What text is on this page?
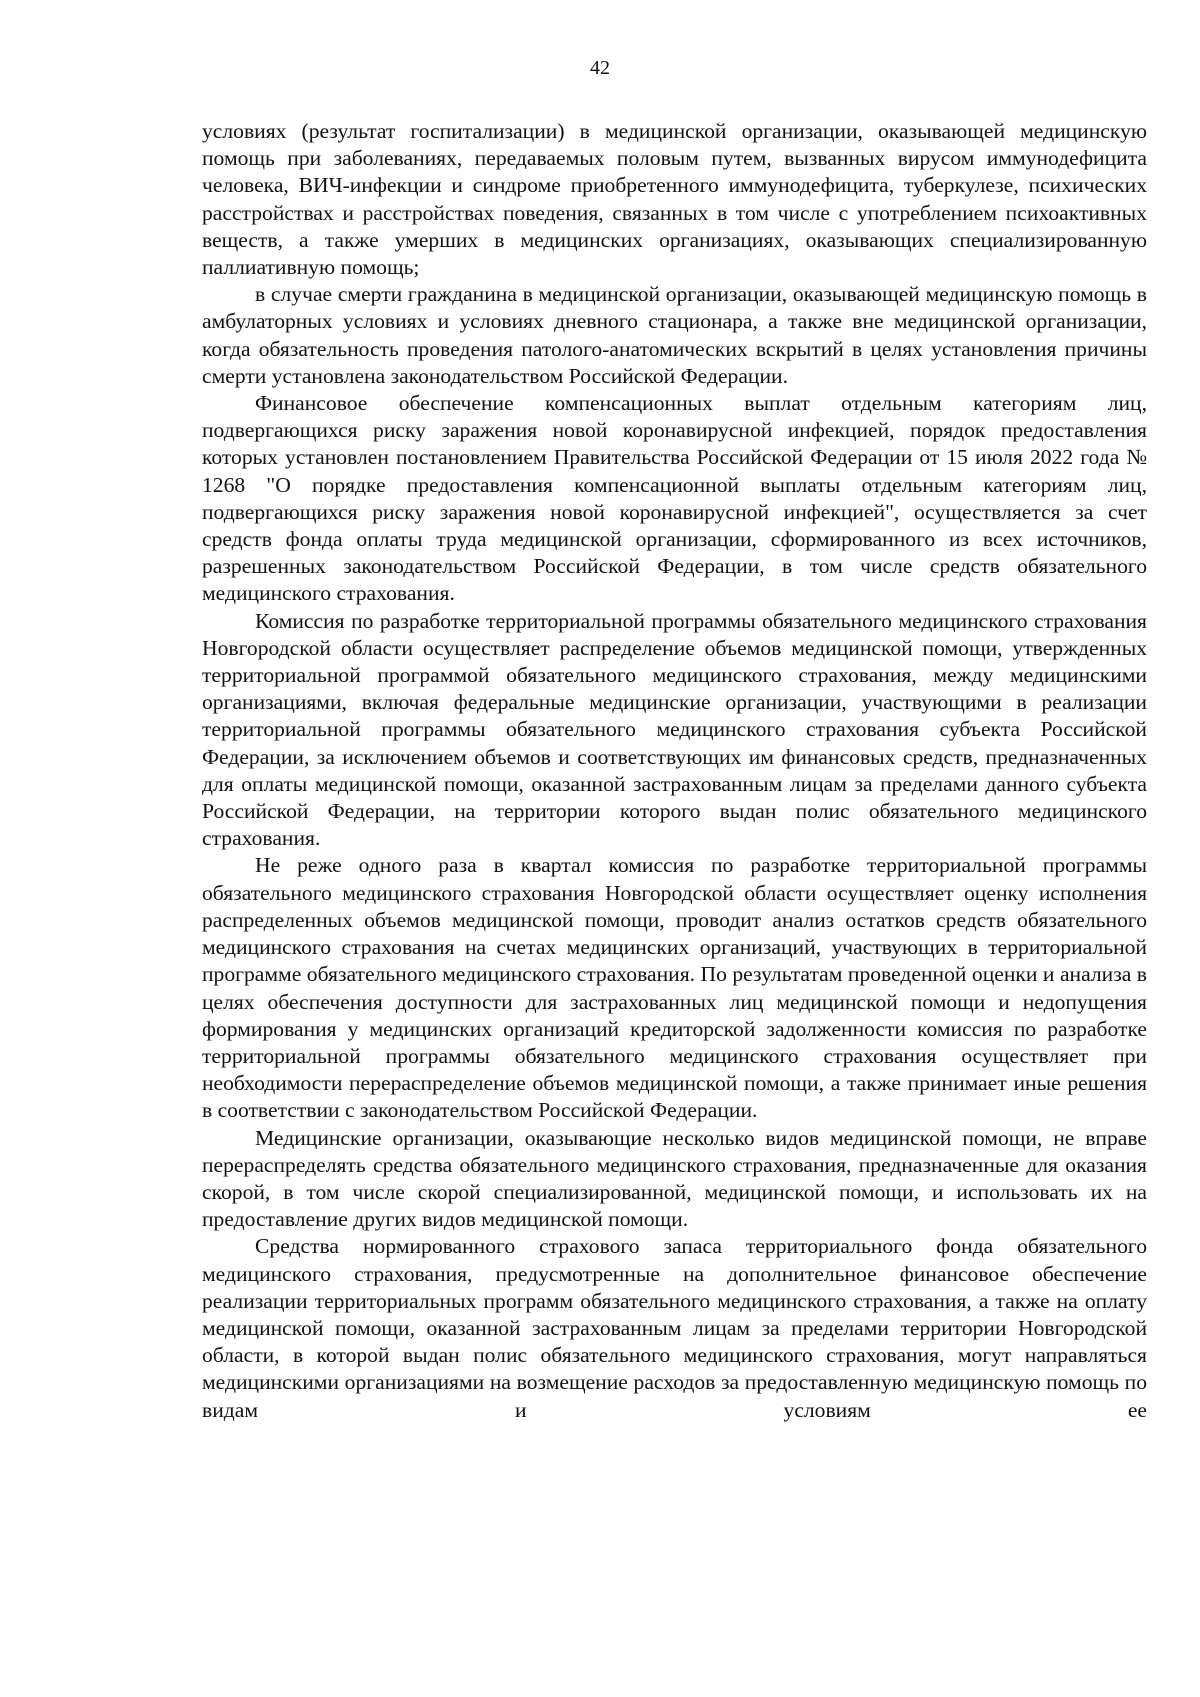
42

условиях (результат госпитализации) в медицинской организации, оказывающей медицинскую помощь при заболеваниях, передаваемых половым путем, вызванных вирусом иммунодефицита человека, ВИЧ-инфекции и синдроме приобретенного иммунодефицита, туберкулезе, психических расстройствах и расстройствах поведения, связанных в том числе с употреблением психоактивных веществ, а также умерших в медицинских организациях, оказывающих специализированную паллиативную помощь;

в случае смерти гражданина в медицинской организации, оказывающей медицинскую помощь в амбулаторных условиях и условиях дневного стационара, а также вне медицинской организации, когда обязательность проведения патолого-анатомических вскрытий в целях установления причины смерти установлена законодательством Российской Федерации.

Финансовое обеспечение компенсационных выплат отдельным категориям лиц, подвергающихся риску заражения новой коронавирусной инфекцией, порядок предоставления которых установлен постановлением Правительства Российской Федерации от 15 июля 2022 года № 1268 "О порядке предоставления компенсационной выплаты отдельным категориям лиц, подвергающихся риску заражения новой коронавирусной инфекцией", осуществляется за счет средств фонда оплаты труда медицинской организации, сформированного из всех источников, разрешенных законодательством Российской Федерации, в том числе средств обязательного медицинского страхования.

Комиссия по разработке территориальной программы обязательного медицинского страхования Новгородской области осуществляет распределение объемов медицинской помощи, утвержденных территориальной программой обязательного медицинского страхования, между медицинскими организациями, включая федеральные медицинские организации, участвующими в реализации территориальной программы обязательного медицинского страхования субъекта Российской Федерации, за исключением объемов и соответствующих им финансовых средств, предназначенных для оплаты медицинской помощи, оказанной застрахованным лицам за пределами данного субъекта Российской Федерации, на территории которого выдан полис обязательного медицинского страхования.

Не реже одного раза в квартал комиссия по разработке территориальной программы обязательного медицинского страхования Новгородской области осуществляет оценку исполнения распределенных объемов медицинской помощи, проводит анализ остатков средств обязательного медицинского страхования на счетах медицинских организаций, участвующих в территориальной программе обязательного медицинского страхования. По результатам проведенной оценки и анализа в целях обеспечения доступности для застрахованных лиц медицинской помощи и недопущения формирования у медицинских организаций кредиторской задолженности комиссия по разработке территориальной программы обязательного медицинского страхования осуществляет при необходимости перераспределение объемов медицинской помощи, а также принимает иные решения в соответствии с законодательством Российской Федерации.

Медицинские организации, оказывающие несколько видов медицинской помощи, не вправе перераспределять средства обязательного медицинского страхования, предназначенные для оказания скорой, в том числе скорой специализированной, медицинской помощи, и использовать их на предоставление других видов медицинской помощи.

Средства нормированного страхового запаса территориального фонда обязательного медицинского страхования, предусмотренные на дополнительное финансовое обеспечение реализации территориальных программ обязательного медицинского страхования, а также на оплату медицинской помощи, оказанной застрахованным лицам за пределами территории Новгородской области, в которой выдан полис обязательного медицинского страхования, могут направляться медицинскими организациями на возмещение расходов за предоставленную медицинскую помощь по видам и условиям ее
